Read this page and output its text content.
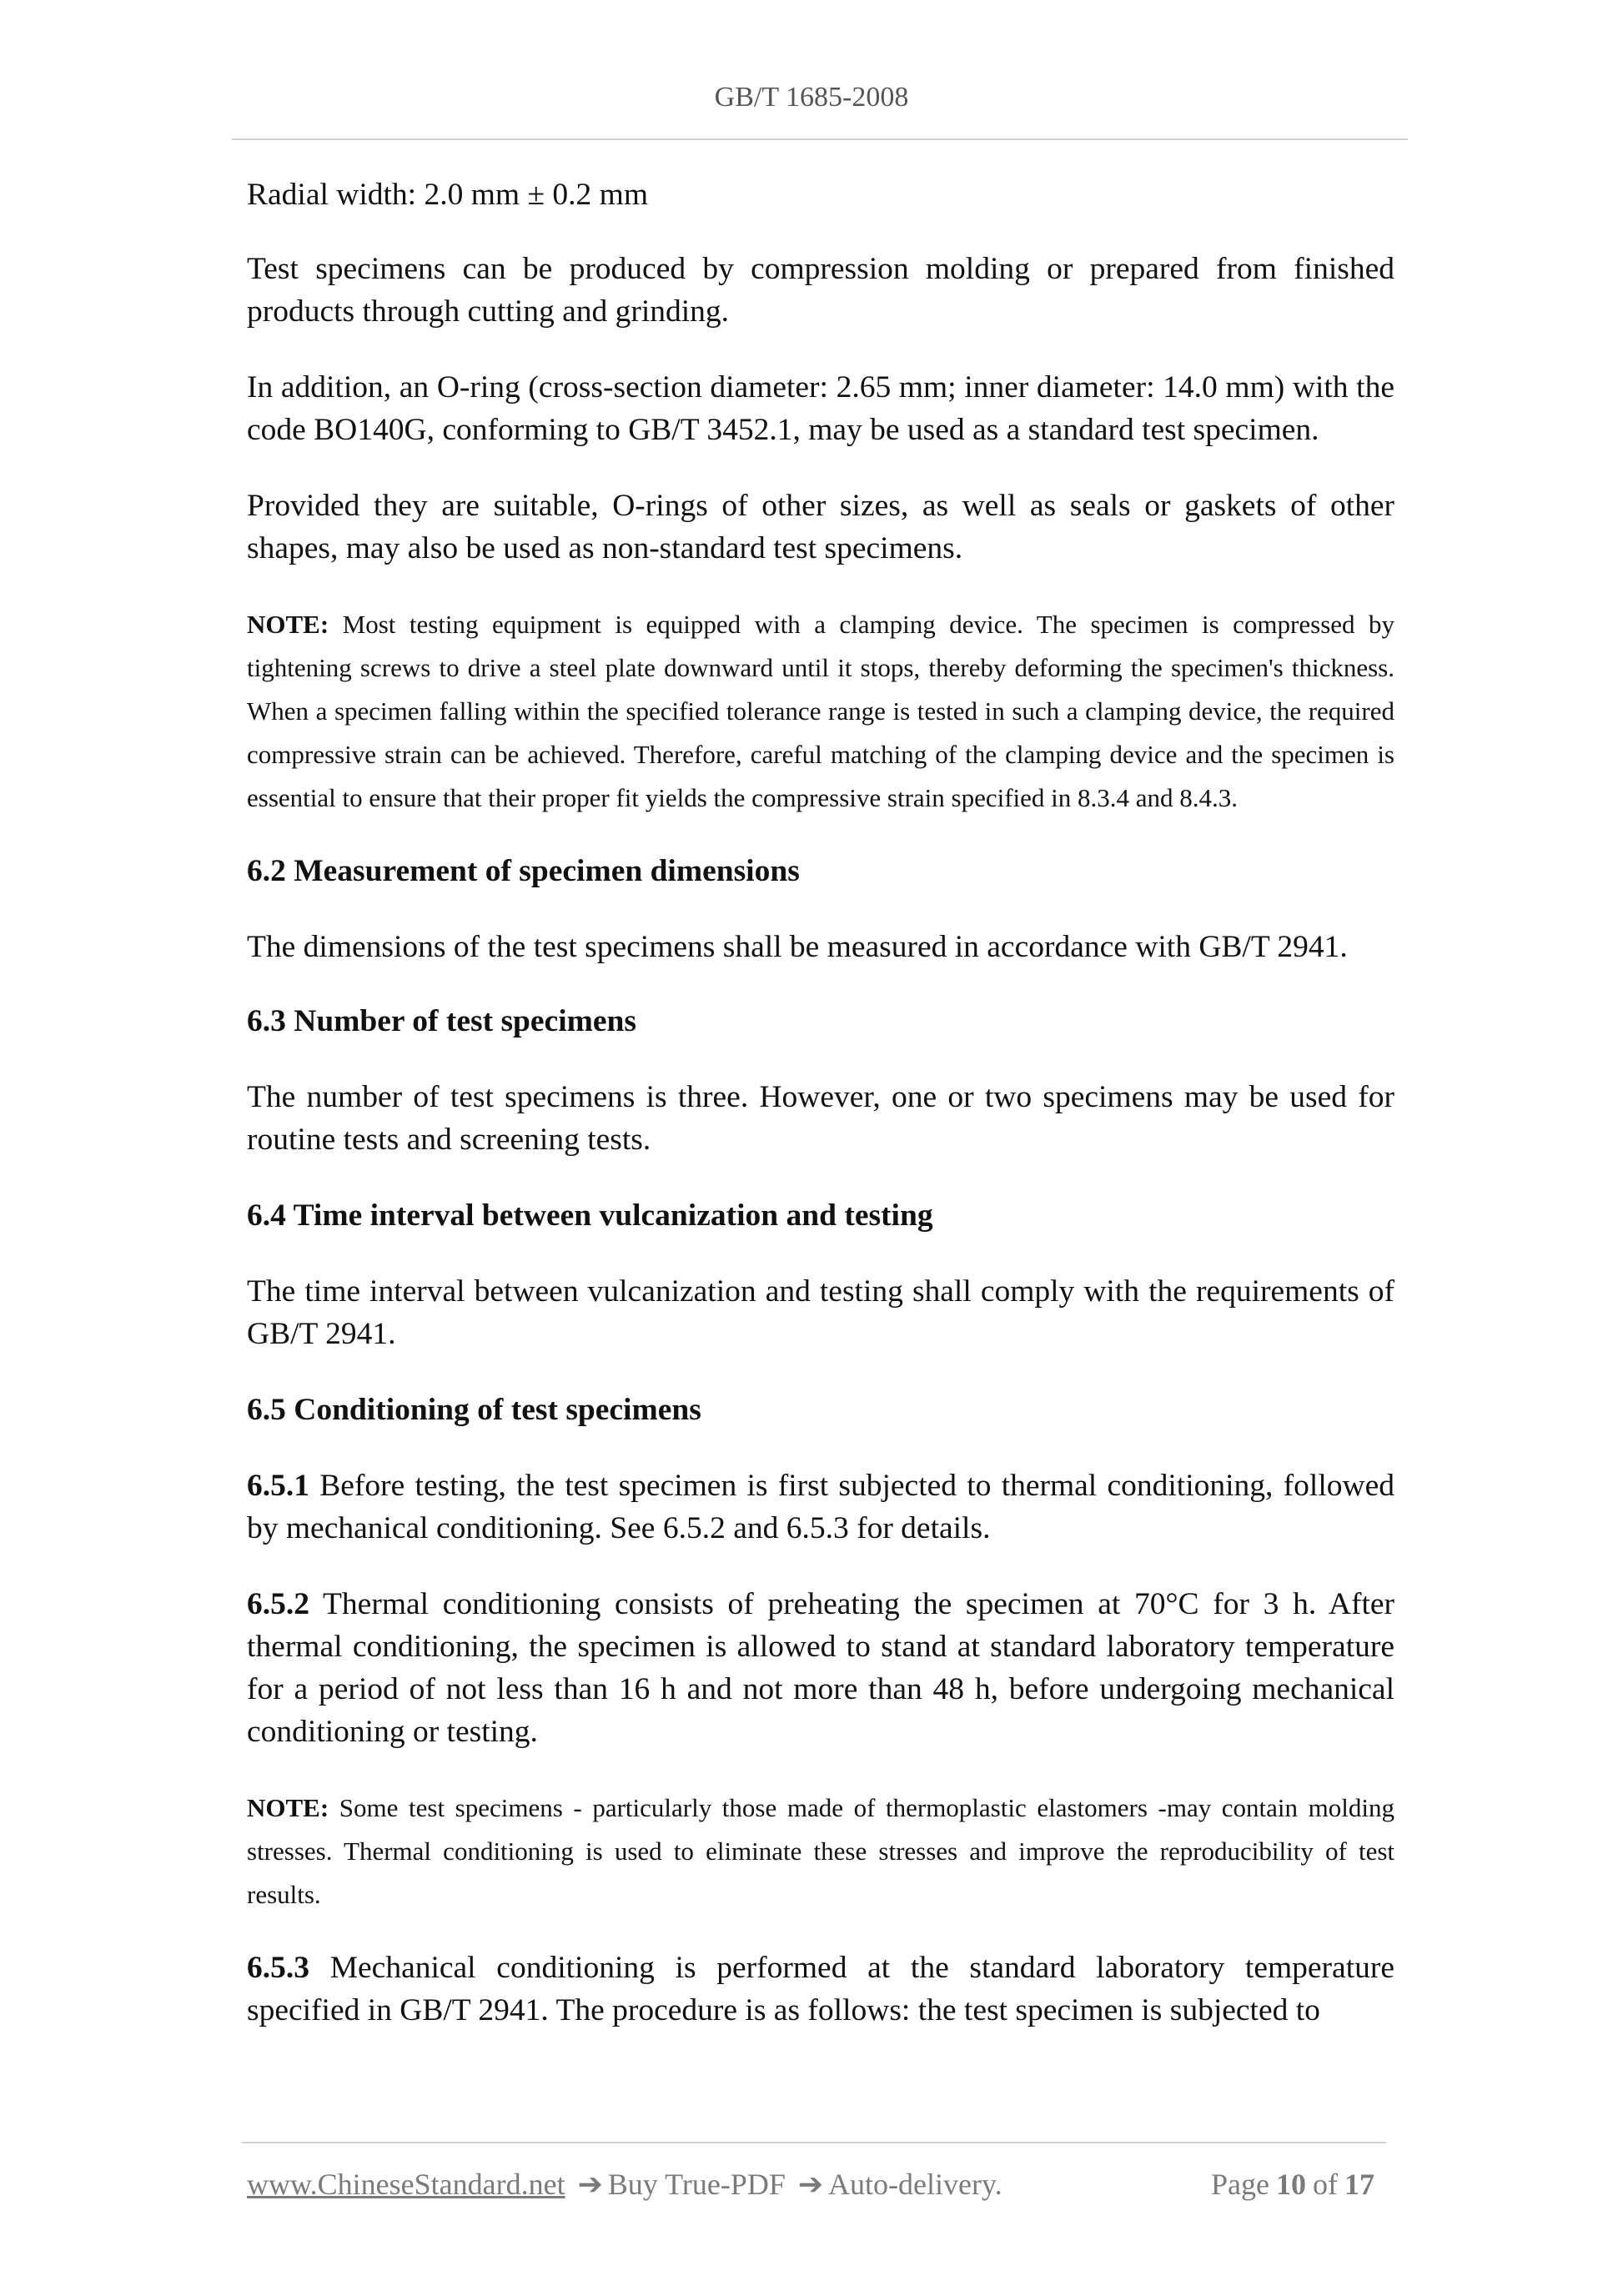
GB/T 1685-2008

Radial width: 2.0 mm ± 0.2 mm

Test specimens can be produced by compression molding or prepared from finished products through cutting and grinding.

In addition, an O-ring (cross-section diameter: 2.65 mm; inner diameter: 14.0 mm) with the code BO140G, conforming to GB/T 3452.1, may be used as a standard test specimen.

Provided they are suitable, O-rings of other sizes, as well as seals or gaskets of other shapes, may also be used as non-standard test specimens.

NOTE: Most testing equipment is equipped with a clamping device. The specimen is compressed by tightening screws to drive a steel plate downward until it stops, thereby deforming the specimen's thickness. When a specimen falling within the specified tolerance range is tested in such a clamping device, the required compressive strain can be achieved. Therefore, careful matching of the clamping device and the specimen is essential to ensure that their proper fit yields the compressive strain specified in 8.3.4 and 8.4.3.

6.2 Measurement of specimen dimensions

The dimensions of the test specimens shall be measured in accordance with GB/T 2941.

6.3 Number of test specimens

The number of test specimens is three. However, one or two specimens may be used for routine tests and screening tests.

6.4 Time interval between vulcanization and testing

The time interval between vulcanization and testing shall comply with the requirements of GB/T 2941.

6.5 Conditioning of test specimens

6.5.1 Before testing, the test specimen is first subjected to thermal conditioning, followed by mechanical conditioning. See 6.5.2 and 6.5.3 for details.

6.5.2 Thermal conditioning consists of preheating the specimen at 70°C for 3 h. After thermal conditioning, the specimen is allowed to stand at standard laboratory temperature for a period of not less than 16 h and not more than 48 h, before undergoing mechanical conditioning or testing.

NOTE: Some test specimens - particularly those made of thermoplastic elastomers -may contain molding stresses. Thermal conditioning is used to eliminate these stresses and improve the reproducibility of test results.

6.5.3 Mechanical conditioning is performed at the standard laboratory temperature specified in GB/T 2941. The procedure is as follows: the test specimen is subjected to

www.ChineseStandard.net ➔ Buy True-PDF ➔ Auto-delivery.	Page 10 of 17
